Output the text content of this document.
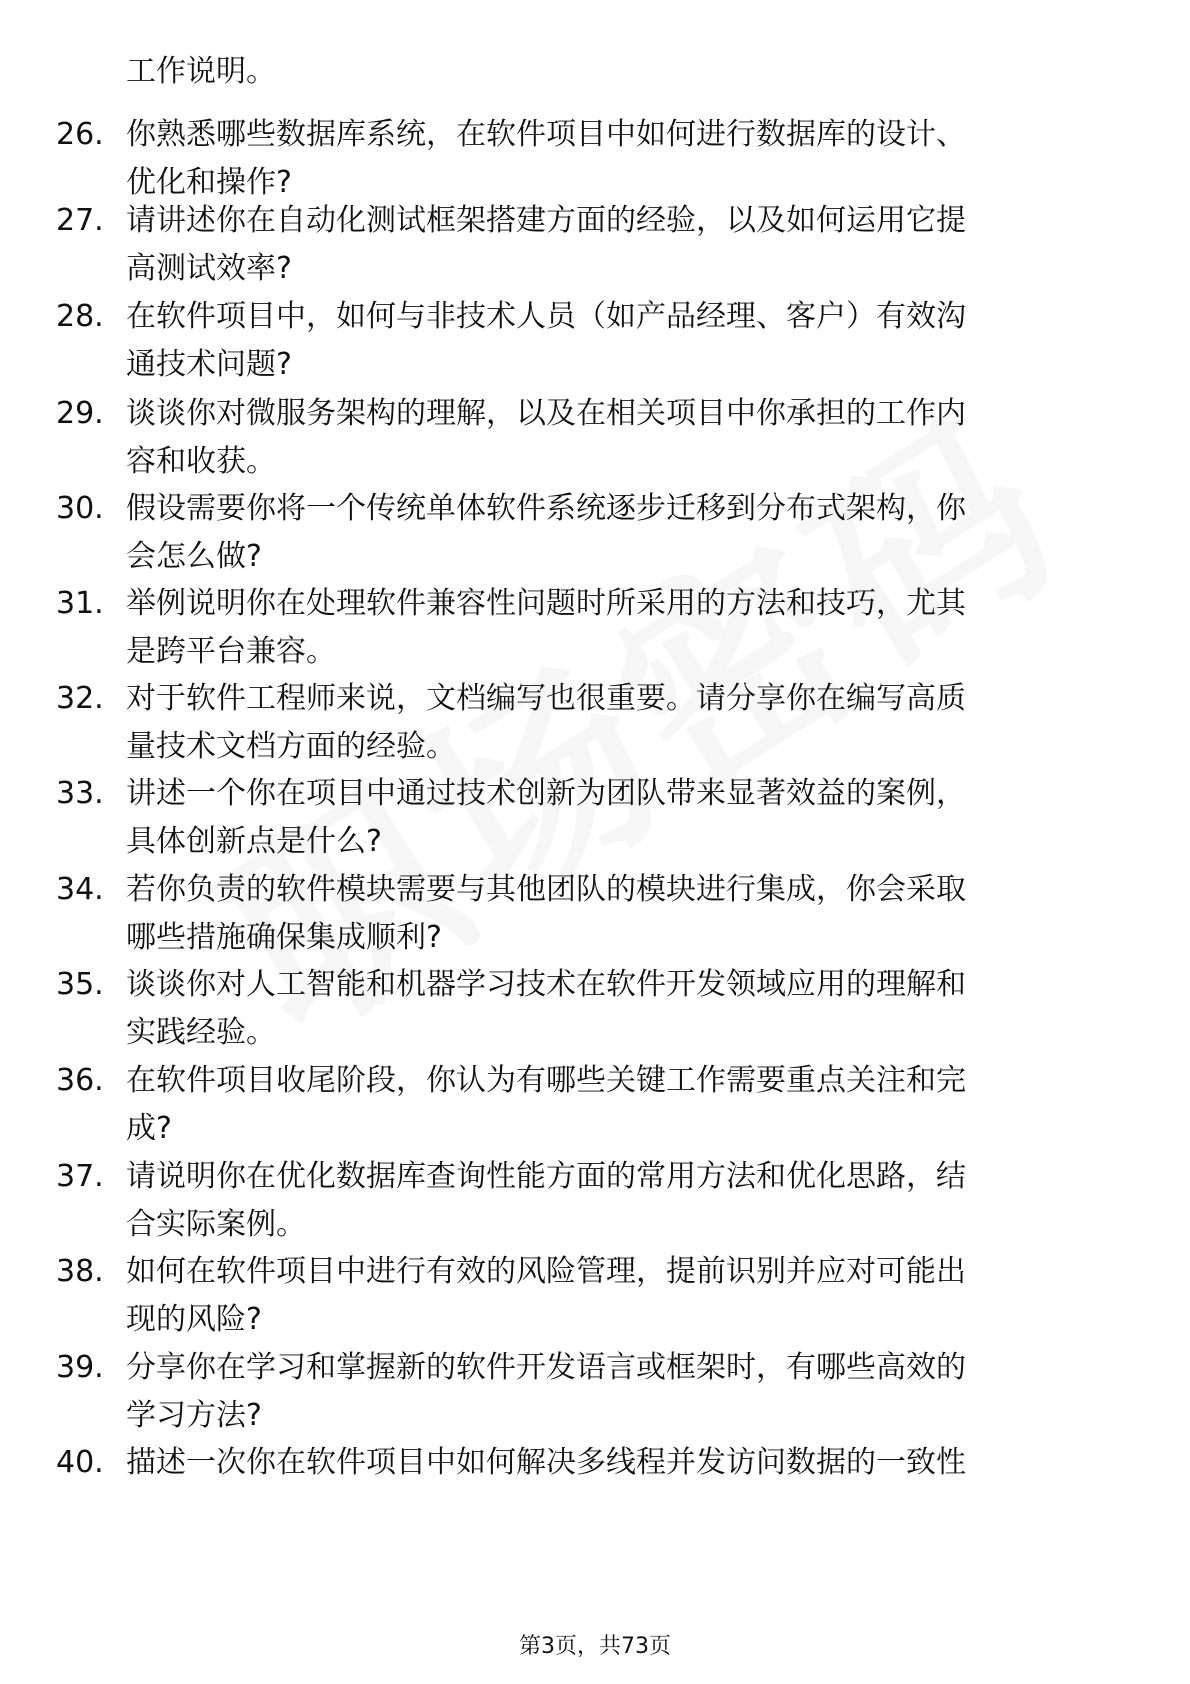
工作说明。
26. 你熟悉哪些数据库系统，在软件项目中如何进行数据库的设计、
优化和操作?
27. 请讲述你在自动化测试框架搭建方面的经验，以及如何运用它提
高测试效率?
28. 在软件项目中，如何与非技术人员（如产品经理、客户）有效沟
通技术问题?
29. 谈谈你对微服务架构的理解，以及在相关项目中你承担的工作内
容和收获。
30. 假设需要你将一个传统单体软件系统逐步迁移到分布式架构，你
会怎么做?
31. 举例说明你在处理软件兼容性问题时所采用的方法和技巧，尤其
是跨平台兼容。
32. 对于软件工程师来说，文档编写也很重要。请分享你在编写高质
量技术文档方面的经验。
33. 讲述一个你在项目中通过技术创新为团队带来显著效益的案例，
具体创新点是什么?
34. 若你负责的软件模块需要与其他团队的模块进行集成，你会采取
哪些措施确保集成顺利?
35. 谈谈你对人工智能和机器学习技术在软件开发领域应用的理解和
实践经验。
36. 在软件项目收尾阶段，你认为有哪些关键工作需要重点关注和完
成?
37. 请说明你在优化数据库查询性能方面的常用方法和优化思路，结
合实际案例。
38. 如何在软件项目中进行有效的风险管理，提前识别并应对可能出
现的风险?
39. 分享你在学习和掌握新的软件开发语言或框架时，有哪些高效的
学习方法?
40. 描述一次你在软件项目中如何解决多线程并发访问数据的一致性
第3页，共73页
